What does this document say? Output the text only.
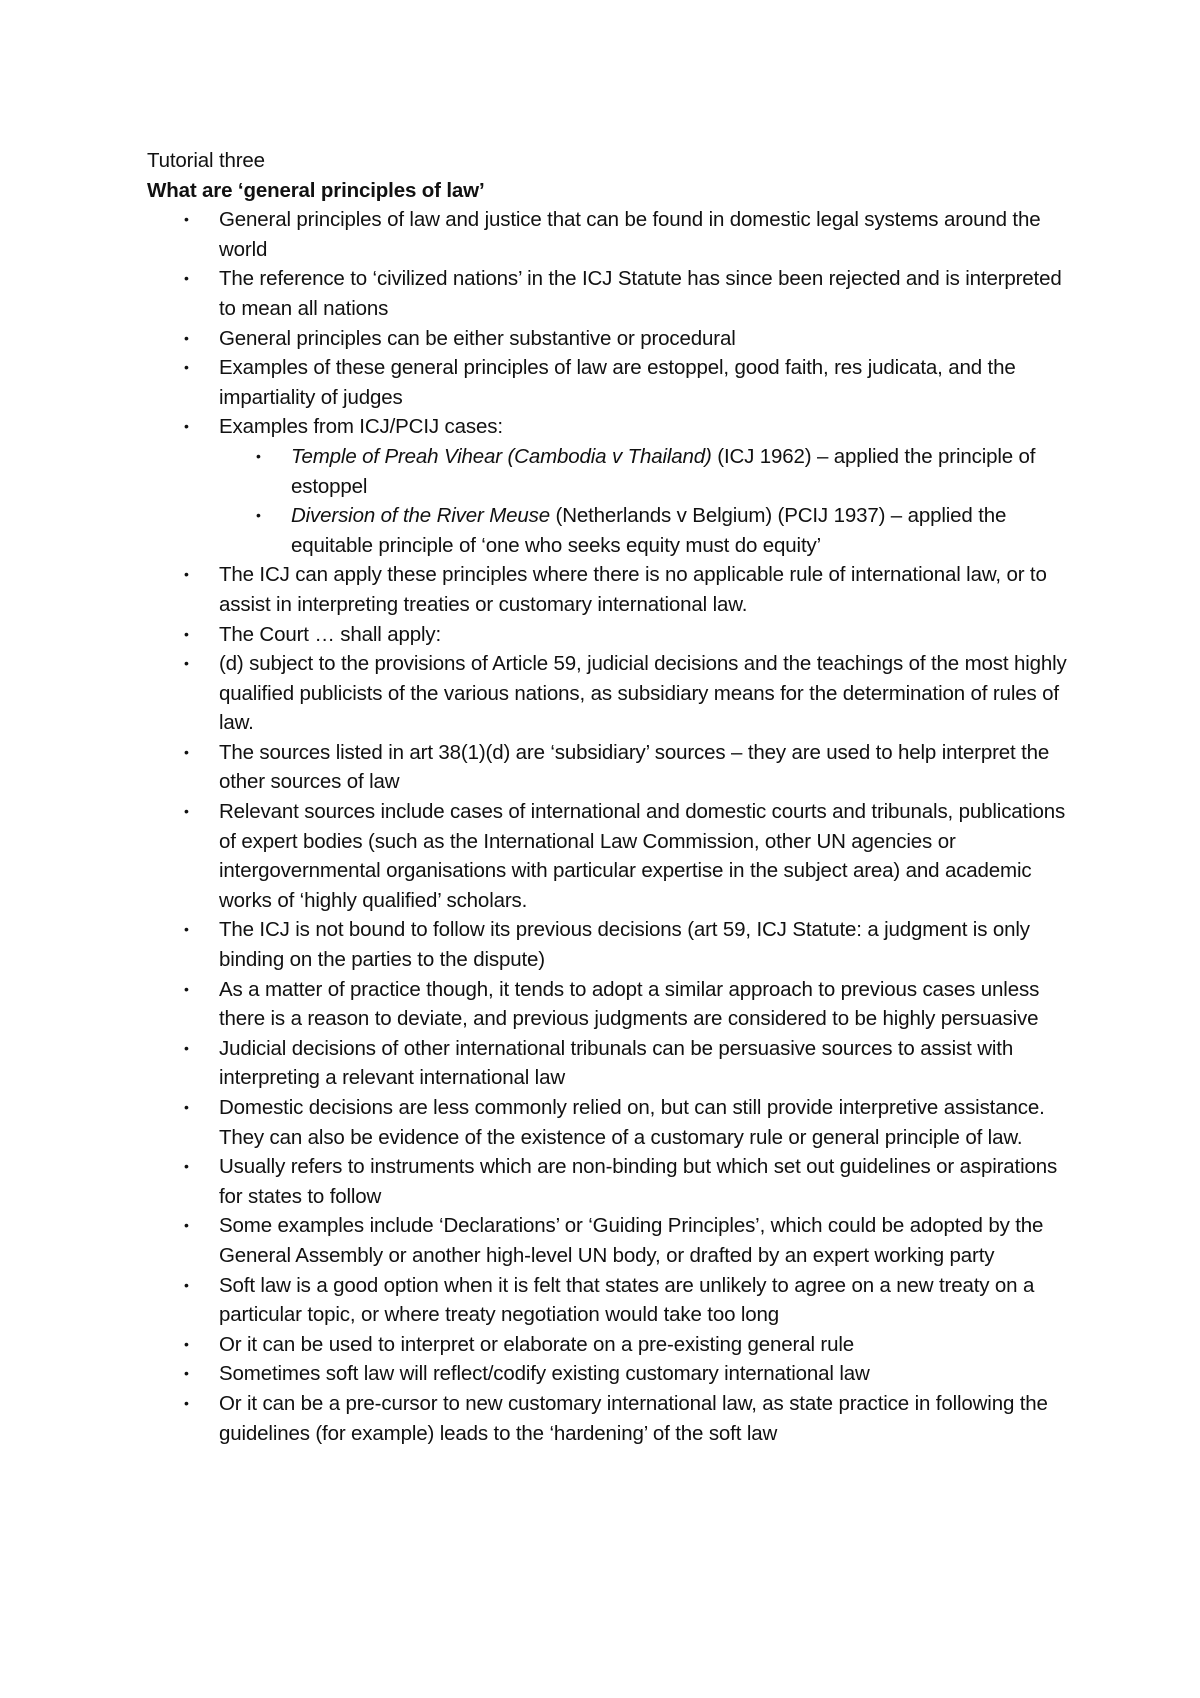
Tutorial three

What are ‘general principles of law’

• General principles of law and justice that can be found in domestic legal systems around the world
• The reference to ‘civilized nations’ in the ICJ Statute has since been rejected and is interpreted to mean all nations
• General principles can be either substantive or procedural
• Examples of these general principles of law are estoppel, good faith, res judicata, and the impartiality of judges
• Examples from ICJ/PCIJ cases:
• Temple of Preah Vihear (Cambodia v Thailand) (ICJ 1962) – applied the principle of estoppel
• Diversion of the River Meuse (Netherlands v Belgium) (PCIJ 1937) – applied the equitable principle of ‘one who seeks equity must do equity’
• The ICJ can apply these principles where there is no applicable rule of international law, or to assist in interpreting treaties or customary international law.
• The Court … shall apply:
• (d) subject to the provisions of Article 59, judicial decisions and the teachings of the most highly qualified publicists of the various nations, as subsidiary means for the determination of rules of law.
• The sources listed in art 38(1)(d) are ‘subsidiary’ sources – they are used to help interpret the other sources of law
• Relevant sources include cases of international and domestic courts and tribunals, publications of expert bodies (such as the International Law Commission, other UN agencies or intergovernmental organisations with particular expertise in the subject area) and academic works of ‘highly qualified’ scholars.
• The ICJ is not bound to follow its previous decisions (art 59, ICJ Statute: a judgment is only binding on the parties to the dispute)
• As a matter of practice though, it tends to adopt a similar approach to previous cases unless there is a reason to deviate, and previous judgments are considered to be highly persuasive
• Judicial decisions of other international tribunals can be persuasive sources to assist with interpreting a relevant international law
• Domestic decisions are less commonly relied on, but can still provide interpretive assistance. They can also be evidence of the existence of a customary rule or general principle of law.
• Usually refers to instruments which are non-binding but which set out guidelines or aspirations for states to follow
• Some examples include ‘Declarations’ or ‘Guiding Principles’, which could be adopted by the General Assembly or another high-level UN body, or drafted by an expert working party
• Soft law is a good option when it is felt that states are unlikely to agree on a new treaty on a particular topic, or where treaty negotiation would take too long
• Or it can be used to interpret or elaborate on a pre-existing general rule
• Sometimes soft law will reflect/codify existing customary international law
• Or it can be a pre-cursor to new customary international law, as state practice in following the guidelines (for example) leads to the ‘hardening’ of the soft law
